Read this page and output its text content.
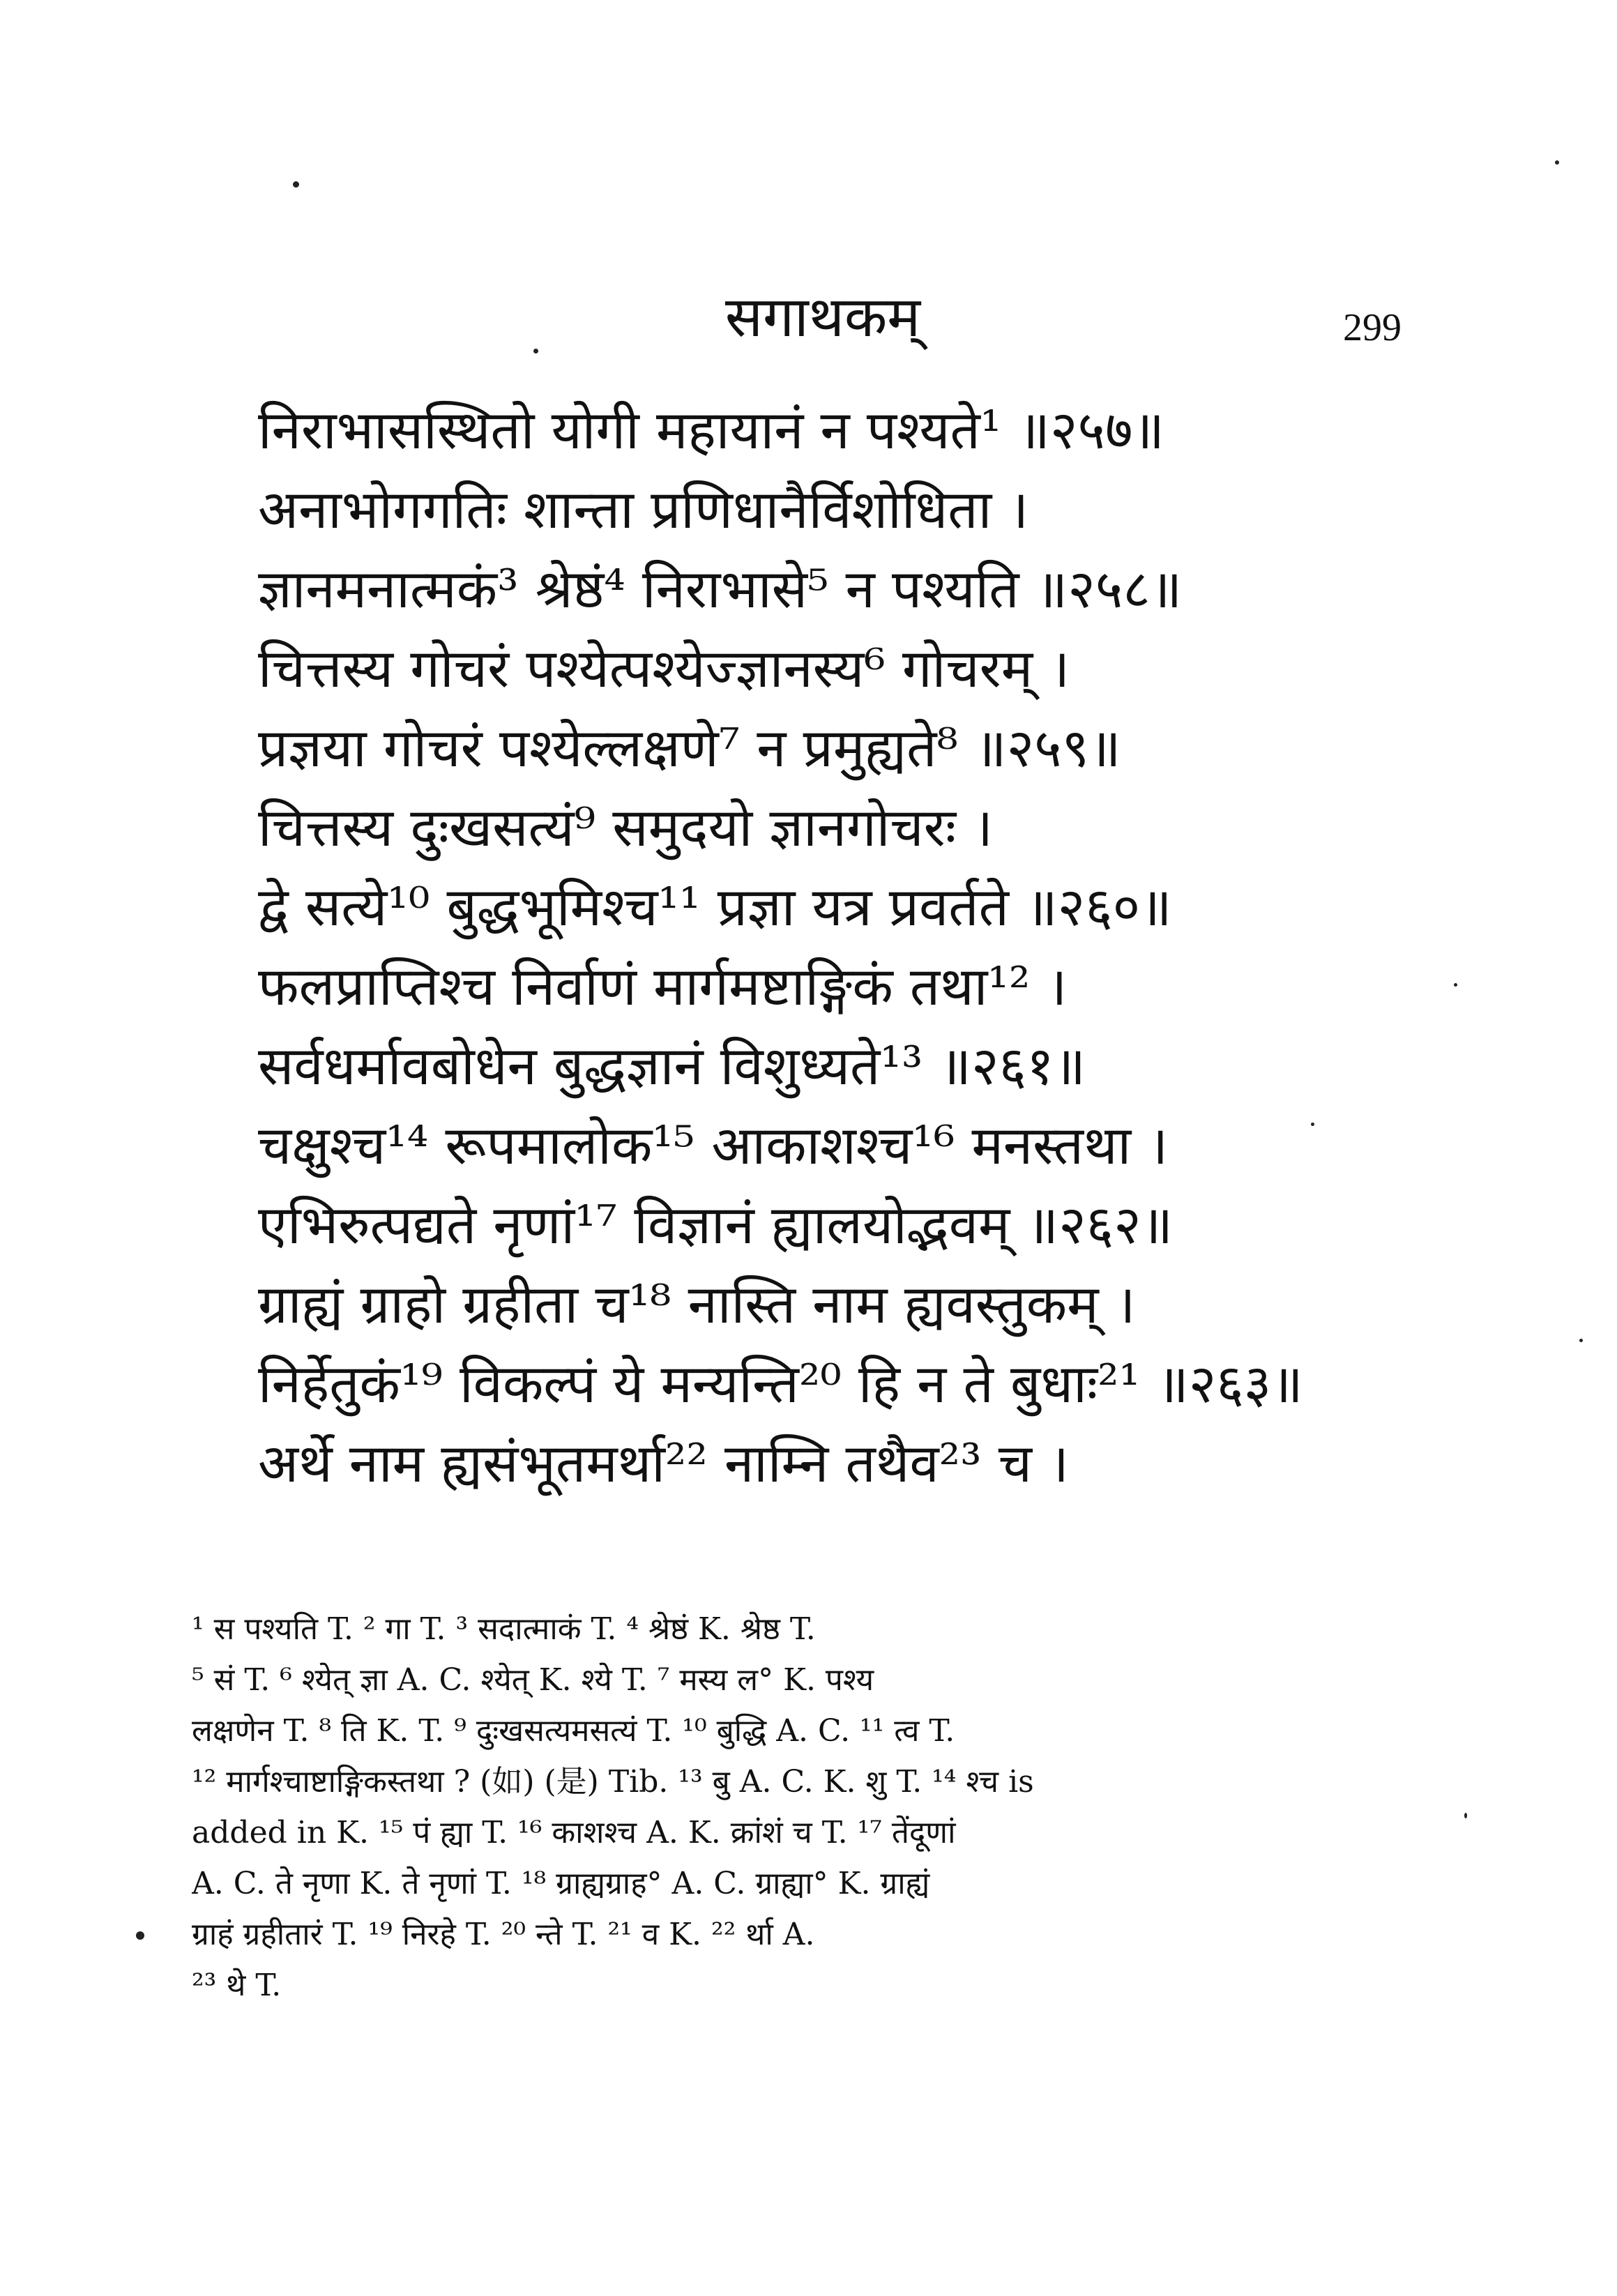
सगाथकम्	299
निराभासस्थितो योगी महायानं न पश्यते¹ ॥२५७॥
अनाभोगगतिः शान्ता प्रणिधानैर्विशोधिता ।
ज्ञानमनात्मकं³ श्रेष्ठं⁴ निराभासे⁵ न पश्यति ॥२५८॥
चित्तस्य गोचरं पश्येत्पश्येज्ज्ञानस्य⁶ गोचरम् ।
प्रज्ञया गोचरं पश्येल्लक्षणे⁷ न प्रमुह्यते⁸ ॥२५९॥
चित्तस्य दुःखसत्यं⁹ समुदयो ज्ञानगोचरः ।
द्वे सत्ये¹⁰ बुद्धभूमिश्च¹¹ प्रज्ञा यत्र प्रवर्तते ॥२६०॥
फलप्राप्तिश्च निर्वाणं मार्गमष्टाङ्गिकं तथा¹² ।
सर्वधर्मावबोधेन बुद्धज्ञानं विशुध्यते¹³ ॥२६१॥
चक्षुश्च¹⁴ रूपमालोक¹⁵ आकाशश्च¹⁶ मनस्तथा ।
एभिरुत्पद्यते नृणां¹⁷ विज्ञानं ह्यालयोद्भवम् ॥२६२॥
ग्राह्यं ग्राहो ग्रहीता च¹⁸ नास्ति नाम ह्यवस्तुकम् ।
निर्हेतुकं¹⁹ विकल्पं ये मन्यन्ति²⁰ हि न ते बुधाः²¹ ॥२६३॥
अर्थे नाम ह्यसंभूतमर्था²² नाम्नि तथैव²³ च ।
¹ स पश्यति T. ² गा T. ³ सदात्माकं T. ⁴ श्रेष्ठं K. श्रेष्ठ T.
⁵ सं T. ⁶ श्येत् ज्ञा A. C. श्येत् K. श्ये T. ⁷ मस्य ल° K. पश्य
लक्षणेन T. ⁸ ति K. T. ⁹ दुःखसत्यमसत्यं T. ¹⁰ बुद्धि A. C. ¹¹ त्व T.
¹² मार्गश्चाष्टाङ्गिकस्तथा ? (如) (是) Tib. ¹³ बु A. C. K. शु T. ¹⁴ श्च is
added in K. ¹⁵ पं ह्या T. ¹⁶ काशश्च A. K. क्रांशं च T. ¹⁷ तेंदूणां
A. C. ते नृणा K. ते नृणां T. ¹⁸ ग्राह्यग्राह° A. C. ग्राह्या° K. ग्राह्यं
ग्राहं ग्रहीतारं T. ¹⁹ निरहे T. ²⁰ न्ते T. ²¹ व K. ²² र्था A.
²³ थे T.
